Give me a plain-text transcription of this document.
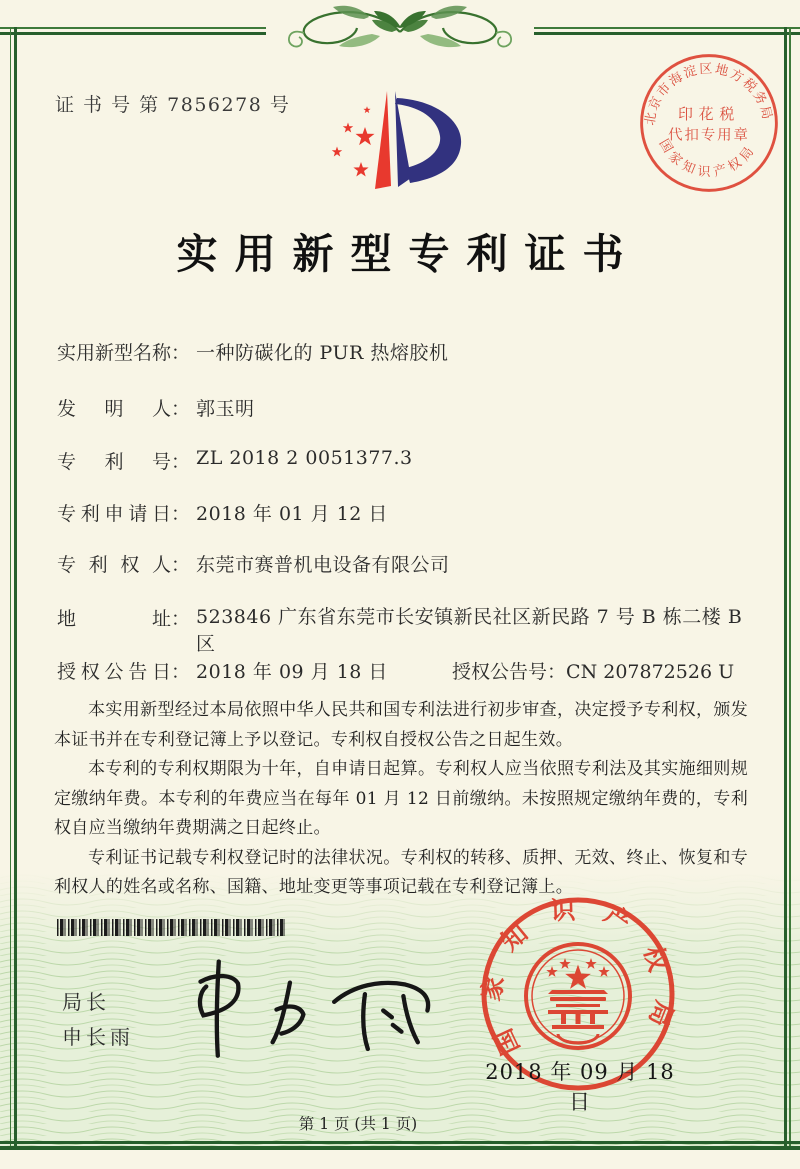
证 书 号 第 7856278 号
北京市海淀区地方税务局
印花税
代扣专用章
国家知识产权局
实用新型专利证书
实用新型名称： 一种防碳化的 PUR 热熔胶机
发明人： 郭玉明
专利号： ZL 2018 2 0051377.3
专利申请日： 2018 年 01 月 12 日
专利权人： 东莞市赛普机电设备有限公司
地址： 523846 广东省东莞市长安镇新民社区新民路 7 号 B 栋二楼 B 区
授权公告日： 2018 年 09 月 18 日	授权公告号：CN 207872526 U

本实用新型经过本局依照中华人民共和国专利法进行初步审查，决定授予专利权，颁发本证书并在专利登记簿上予以登记。专利权自授权公告之日起生效。

本专利的专利权期限为十年，自申请日起算。专利权人应当依照专利法及其实施细则规定缴纳年费。本专利的年费应当在每年 01 月 12 日前缴纳。未按照规定缴纳年费的，专利权自应当缴纳年费期满之日起终止。

专利证书记载专利权登记时的法律状况。专利权的转移、质押、无效、终止、恢复和专利权人的姓名或名称、国籍、地址变更等事项记载在专利登记簿上。

局长
申长雨	国家知识产权局
2018 年 09 月 18 日
第 1 页 (共 1 页)
